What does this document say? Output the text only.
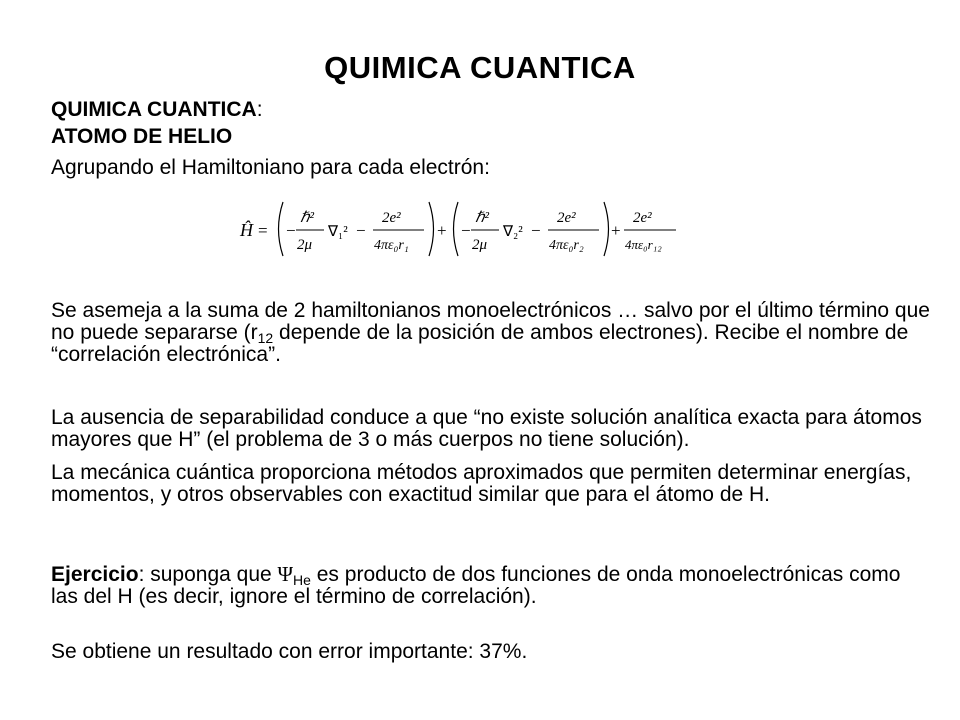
QUIMICA CUANTICA
QUIMICA CUANTICA:
ATOMO DE HELIO
Agrupando el Hamiltoniano para cada electrón:
Ĥ = −
ℏ²
2μ
∇₁² −
2e²
4πε₀r₁
+ −
ℏ²
2μ
∇₂² −
2e²
4πε₀r₂
+
2e²
4πε₀r₁₂
Se asemeja a la suma de 2 hamiltonianos monoelectrónicos … salvo por el último término que no puede separarse ($r_{12}$ depende de la posición de ambos electrones). Recibe el nombre de “correlación electrónica”.
La ausencia de separabilidad conduce a que “no existe solución analítica exacta para átomos mayores que H” (el problema de 3 o más cuerpos no tiene solución).
La mecánica cuántica proporciona métodos aproximados que permiten determinar energías, momentos, y otros observables con exactitud similar que para el átomo de H.
Ejercicio: suponga que $\Psi_{He}$ es producto de dos funciones de onda monoelectrónicas como las del H (es decir, ignore el término de correlación).
Se obtiene un resultado con error importante: 37%.
